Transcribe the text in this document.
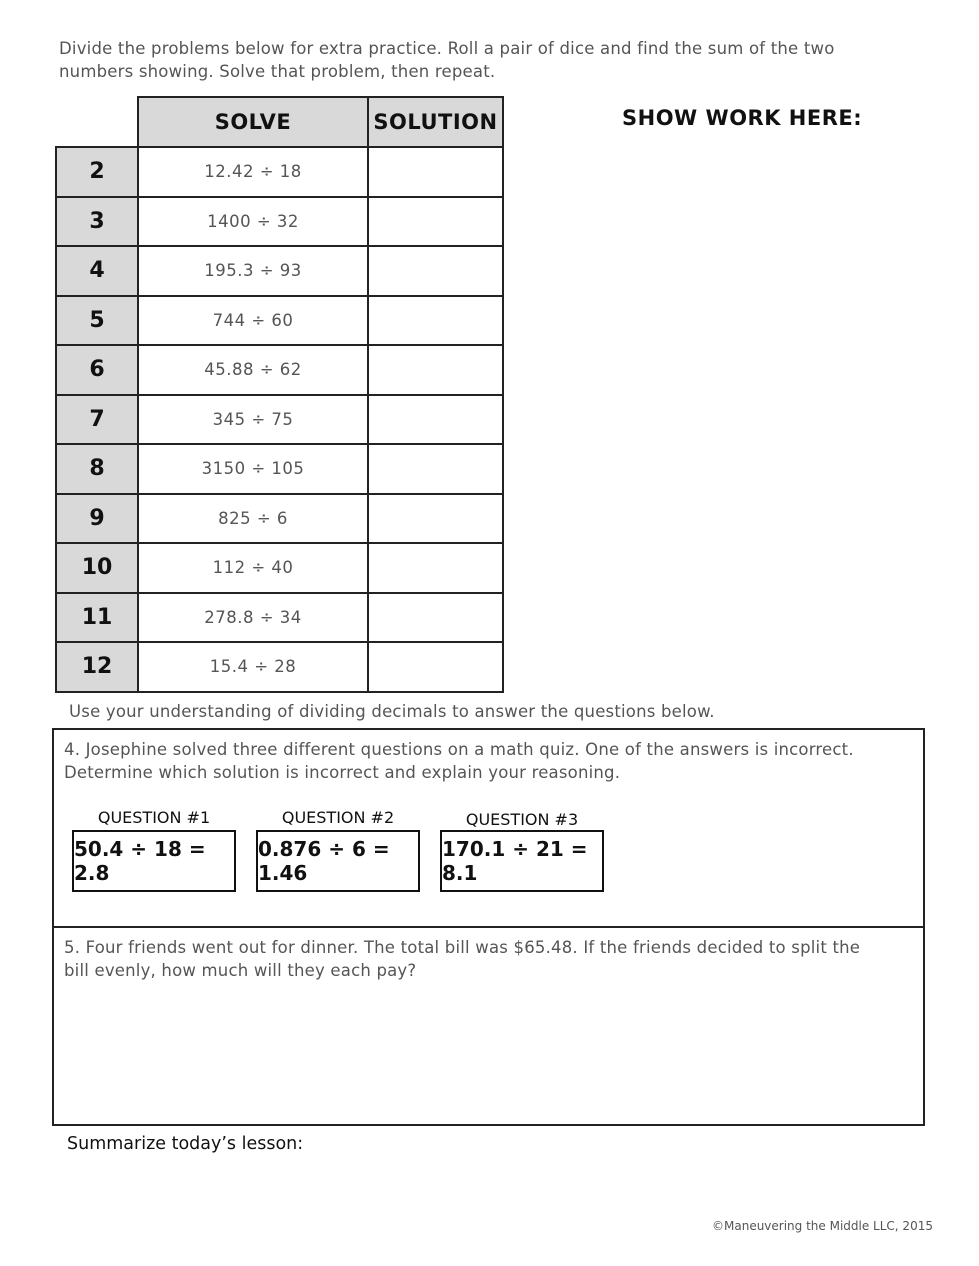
Divide the problems below for extra practice. Roll a pair of dice and find the sum of the two
numbers showing. Solve that problem, then repeat.
SHOW WORK HERE:
	SOLVE	SOLUTION
2	12.42 ÷ 18	
3	1400 ÷ 32	
4	195.3 ÷ 93	
5	744 ÷ 60	
6	45.88 ÷ 62	
7	345 ÷ 75	
8	3150 ÷ 105	
9	825 ÷ 6	
10	112 ÷ 40	
11	278.8 ÷ 34	
12	15.4 ÷ 28	
Use your understanding of dividing decimals to answer the questions below.
4. Josephine solved three different questions on a math quiz. One of the answers is incorrect.
Determine which solution is incorrect and explain your reasoning.
QUESTION #1
50.4 ÷ 18 = 2.8
QUESTION #2
0.876 ÷ 6 = 1.46
QUESTION #3
170.1 ÷ 21 = 8.1
5. Four friends went out for dinner. The total bill was $65.48. If the friends decided to split the
bill evenly, how much will they each pay?
Summarize today’s lesson:
©Maneuvering the Middle LLC, 2015
